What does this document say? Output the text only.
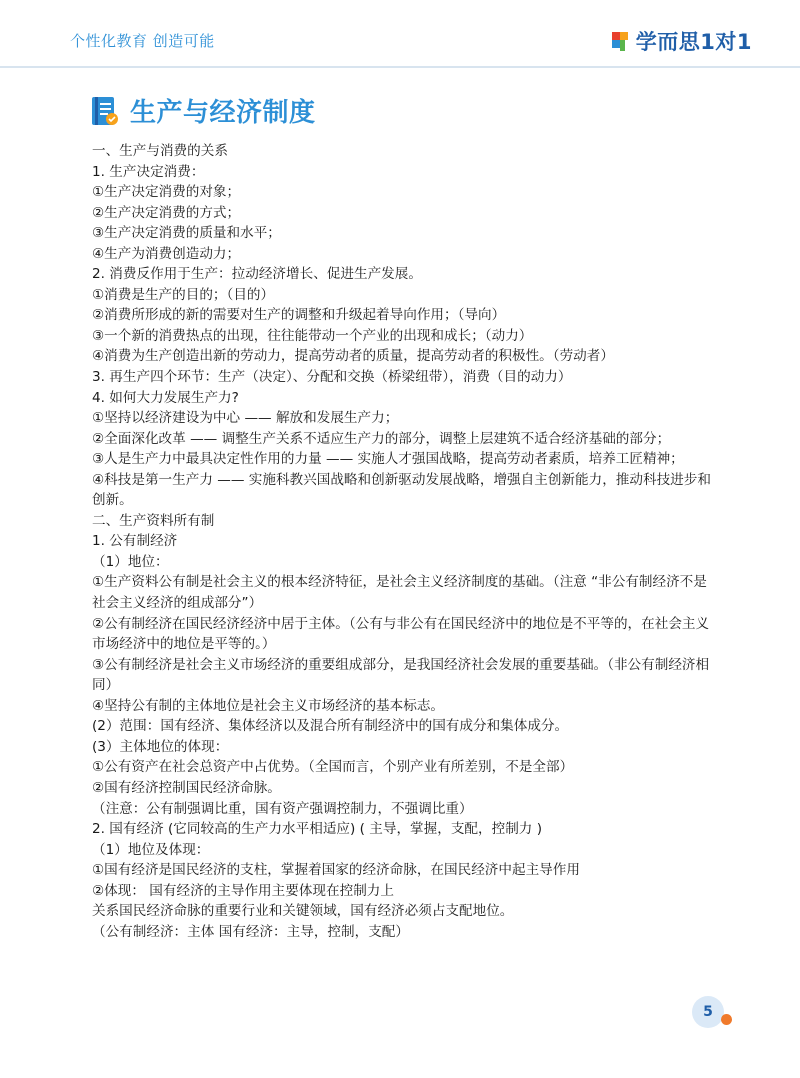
个性化教育 创造可能	学而思1对1
生产与经济制度
一、生产与消费的关系
1. 生产决定消费：
①生产决定消费的对象；
②生产决定消费的方式；
③生产决定消费的质量和水平；
④生产为消费创造动力；
2. 消费反作用于生产：拉动经济增长、促进生产发展。
①消费是生产的目的；（目的）
②消费所形成的新的需要对生产的调整和升级起着导向作用；（导向）
③一个新的消费热点的出现，往往能带动一个产业的出现和成长；（动力）
④消费为生产创造出新的劳动力，提高劳动者的质量，提高劳动者的积极性。（劳动者）
3. 再生产四个环节：生产（决定）、分配和交换（桥梁纽带），消费（目的动力）
4. 如何大力发展生产力?
①坚持以经济建设为中心 —— 解放和发展生产力；
②全面深化改革 —— 调整生产关系不适应生产力的部分，调整上层建筑不适合经济基础的部分；
③人是生产力中最具决定性作用的力量 —— 实施人才强国战略，提高劳动者素质，培养工匠精神；
④科技是第一生产力 —— 实施科教兴国战略和创新驱动发展战略，增强自主创新能力，推动科技进步和创新。
二、生产资料所有制
1. 公有制经济
（1）地位：
①生产资料公有制是社会主义的根本经济特征，是社会主义经济制度的基础。（注意 “非公有制经济不是社会主义经济的组成部分”）
②公有制经济在国民经济经济中居于主体。（公有与非公有在国民经济中的地位是不平等的，在社会主义市场经济中的地位是平等的。）
③公有制经济是社会主义市场经济的重要组成部分，是我国经济社会发展的重要基础。（非公有制经济相同）
④坚持公有制的主体地位是社会主义市场经济的基本标志。
(2）范围：国有经济、集体经济以及混合所有制经济中的国有成分和集体成分。
(3）主体地位的体现：
①公有资产在社会总资产中占优势。（全国而言，个别产业有所差别，不是全部）
②国有经济控制国民经济命脉。
（注意：公有制强调比重，国有资产强调控制力，不强调比重）
2. 国有经济 (它同较高的生产力水平相适应) ( 主导，掌握，支配，控制力 )
（1）地位及体现：
①国有经济是国民经济的支柱，掌握着国家的经济命脉，在国民经济中起主导作用
②体现： 国有经济的主导作用主要体现在控制力上
关系国民经济命脉的重要行业和关键领域，国有经济必须占支配地位。
（公有制经济：主体 国有经济：主导，控制，支配）
5
